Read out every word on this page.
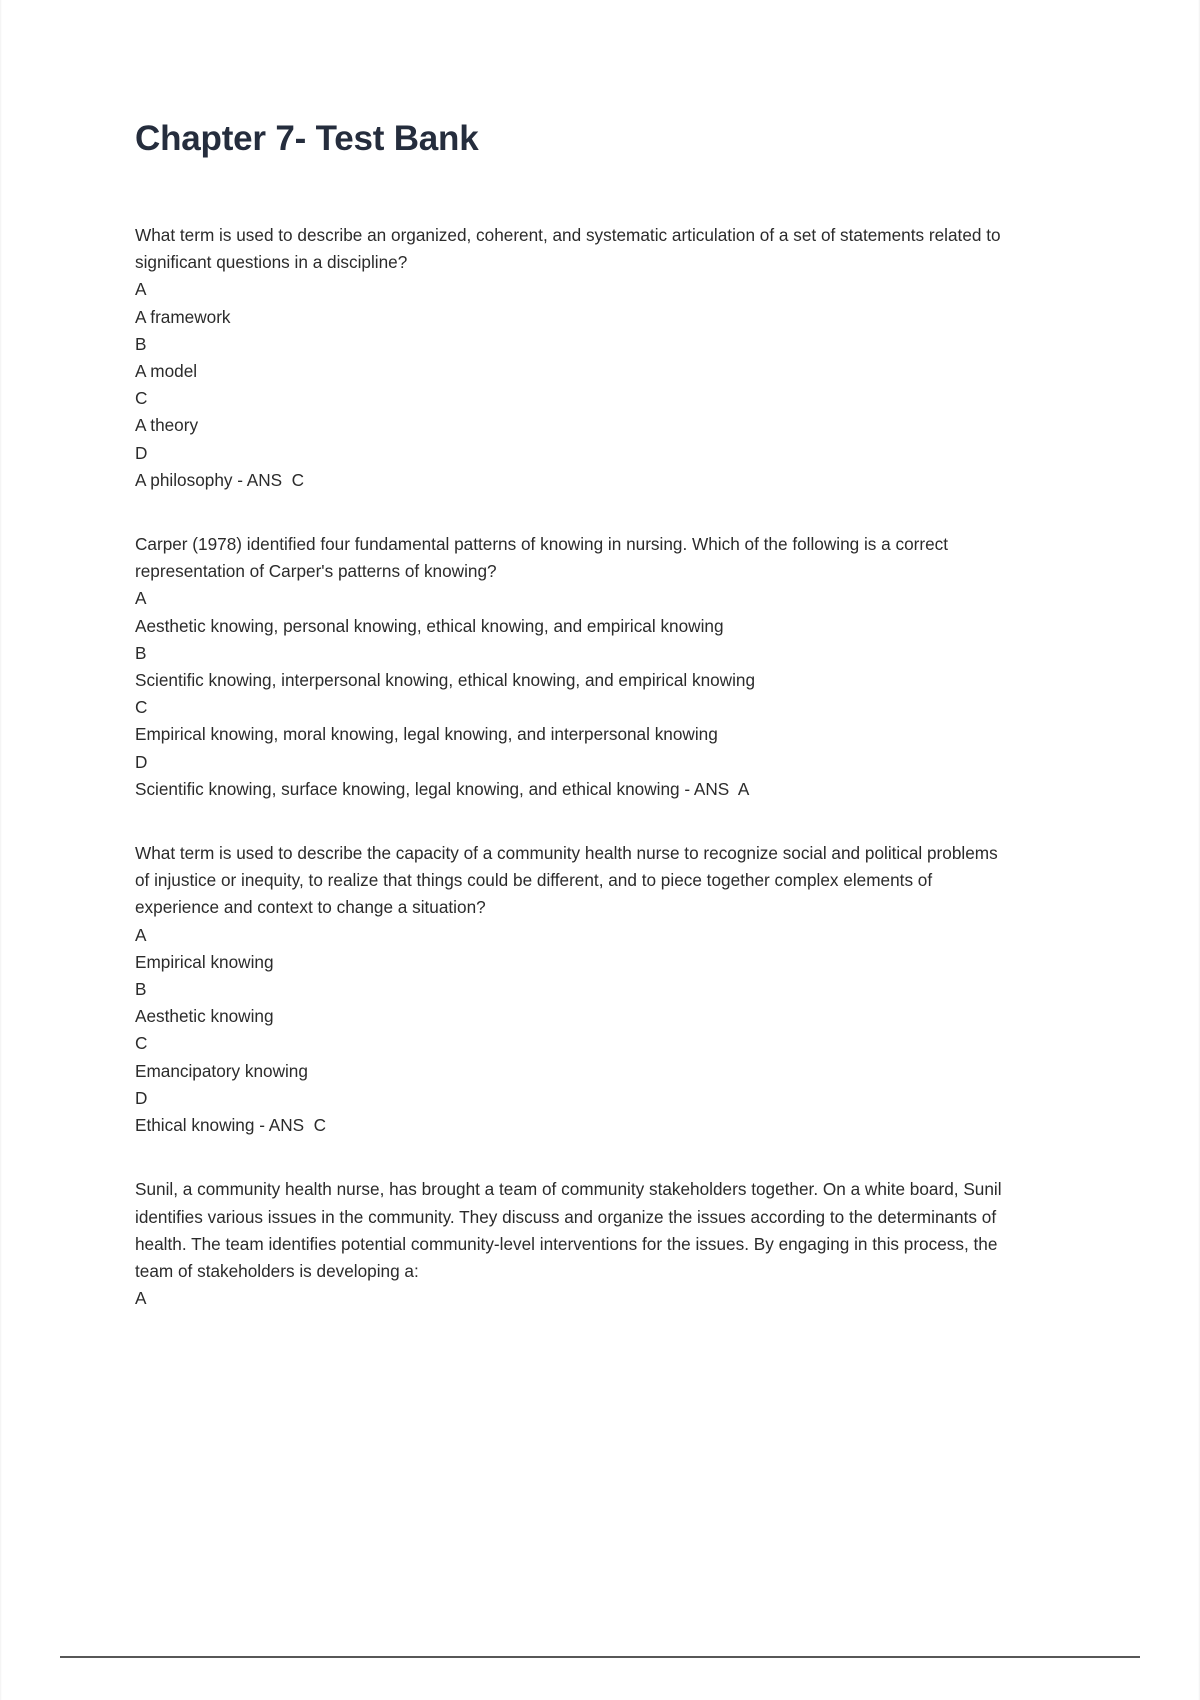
Chapter 7- Test Bank

What term is used to describe an organized, coherent, and systematic articulation of a set of statements related to significant questions in a discipline?

A
A framework
B
A model
C
A theory
D
A philosophy - ANS  C

Carper (1978) identified four fundamental patterns of knowing in nursing. Which of the following is a correct representation of Carper's patterns of knowing?

A
Aesthetic knowing, personal knowing, ethical knowing, and empirical knowing
B
Scientific knowing, interpersonal knowing, ethical knowing, and empirical knowing
C
Empirical knowing, moral knowing, legal knowing, and interpersonal knowing
D
Scientific knowing, surface knowing, legal knowing, and ethical knowing - ANS  A

What term is used to describe the capacity of a community health nurse to recognize social and political problems of injustice or inequity, to realize that things could be different, and to piece together complex elements of experience and context to change a situation?

A
Empirical knowing
B
Aesthetic knowing
C
Emancipatory knowing
D
Ethical knowing - ANS  C

Sunil, a community health nurse, has brought a team of community stakeholders together. On a white board, Sunil identifies various issues in the community. They discuss and organize the issues according to the determinants of health. The team identifies potential community-level interventions for the issues. By engaging in this process, the team of stakeholders is developing a:

A
